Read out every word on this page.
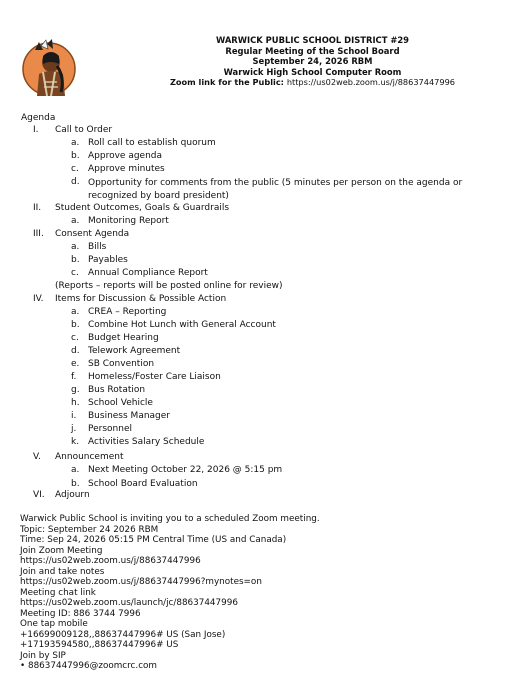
WARWICK PUBLIC SCHOOL DISTRICT #29
Regular Meeting of the School Board
September 24, 2026 RBM
Warwick High School Computer Room
Zoom link for the Public: https://us02web.zoom.us/j/88637447996
Agenda
I.	Call to Order
a. Roll call to establish quorum
b. Approve agenda
c.	Approve minutes
d. Opportunity for comments from the public (5 minutes per person on the agenda or recognized by board president)
II.	Student Outcomes, Goals & Guardrails
a. Monitoring Report
III.	Consent Agenda
a. Bills
b. Payables
c.	Annual Compliance Report
(Reports – reports will be posted online for review)
IV.	Items for Discussion & Possible Action
a. CREA – Reporting
b. Combine Hot Lunch with General Account
c.	Budget Hearing
d. Telework Agreement
e. SB Convention
f.	Homeless/Foster Care Liaison
g. Bus Rotation
h. School Vehicle
i.	Business Manager
j.	Personnel
k. Activities Salary Schedule
V.	Announcement
a. Next Meeting October 22, 2026 @ 5:15 pm
b. School Board Evaluation
VI.	Adjourn
Warwick Public School is inviting you to a scheduled Zoom meeting.
Topic: September 24 2026 RBM
Time: Sep 24, 2026 05:15 PM Central Time (US and Canada)
Join Zoom Meeting
https://us02web.zoom.us/j/88637447996
Join and take notes
https://us02web.zoom.us/j/88637447996?mynotes=on
Meeting chat link
https://us02web.zoom.us/launch/jc/88637447996
Meeting ID: 886 3744 7996
One tap mobile
+16699009128,,88637447996# US (San Jose)
+17193594580,,88637447996# US
Join by SIP
• 88637447996@zoomcrc.com
